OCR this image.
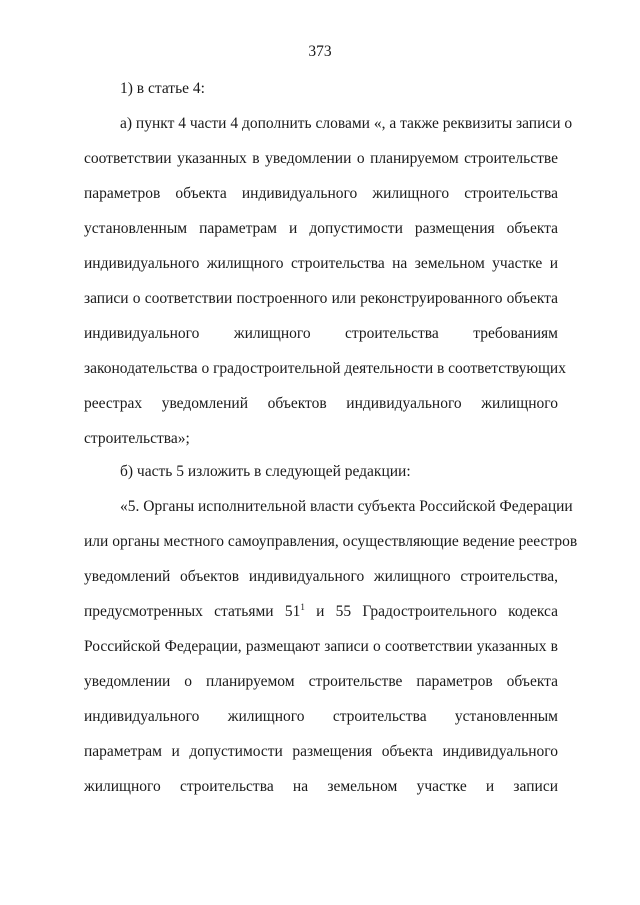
373
1) в статье 4:
а) пункт 4 части 4 дополнить словами «, а также реквизиты записи о
соответствии указанных в уведомлении о планируемом строительстве
параметров объекта индивидуального жилищного строительства
установленным параметрам и допустимости размещения объекта
индивидуального жилищного строительства на земельном участке и
записи о соответствии построенного или реконструированного объекта
индивидуального жилищного строительства требованиям
законодательства о градостроительной деятельности в соответствующих
реестрах уведомлений объектов индивидуального жилищного
строительства»;
б) часть 5 изложить в следующей редакции:
«5. Органы исполнительной власти субъекта Российской Федерации
или органы местного самоуправления, осуществляющие ведение реестров
уведомлений объектов индивидуального жилищного строительства,
предусмотренных статьями $51^1$ и 55 Градостроительного кодекса
Российской Федерации, размещают записи о соответствии указанных в
уведомлении о планируемом строительстве параметров объекта
индивидуального жилищного строительства установленным
параметрам и допустимости размещения объекта индивидуального
жилищного строительства на земельном участке и записи
